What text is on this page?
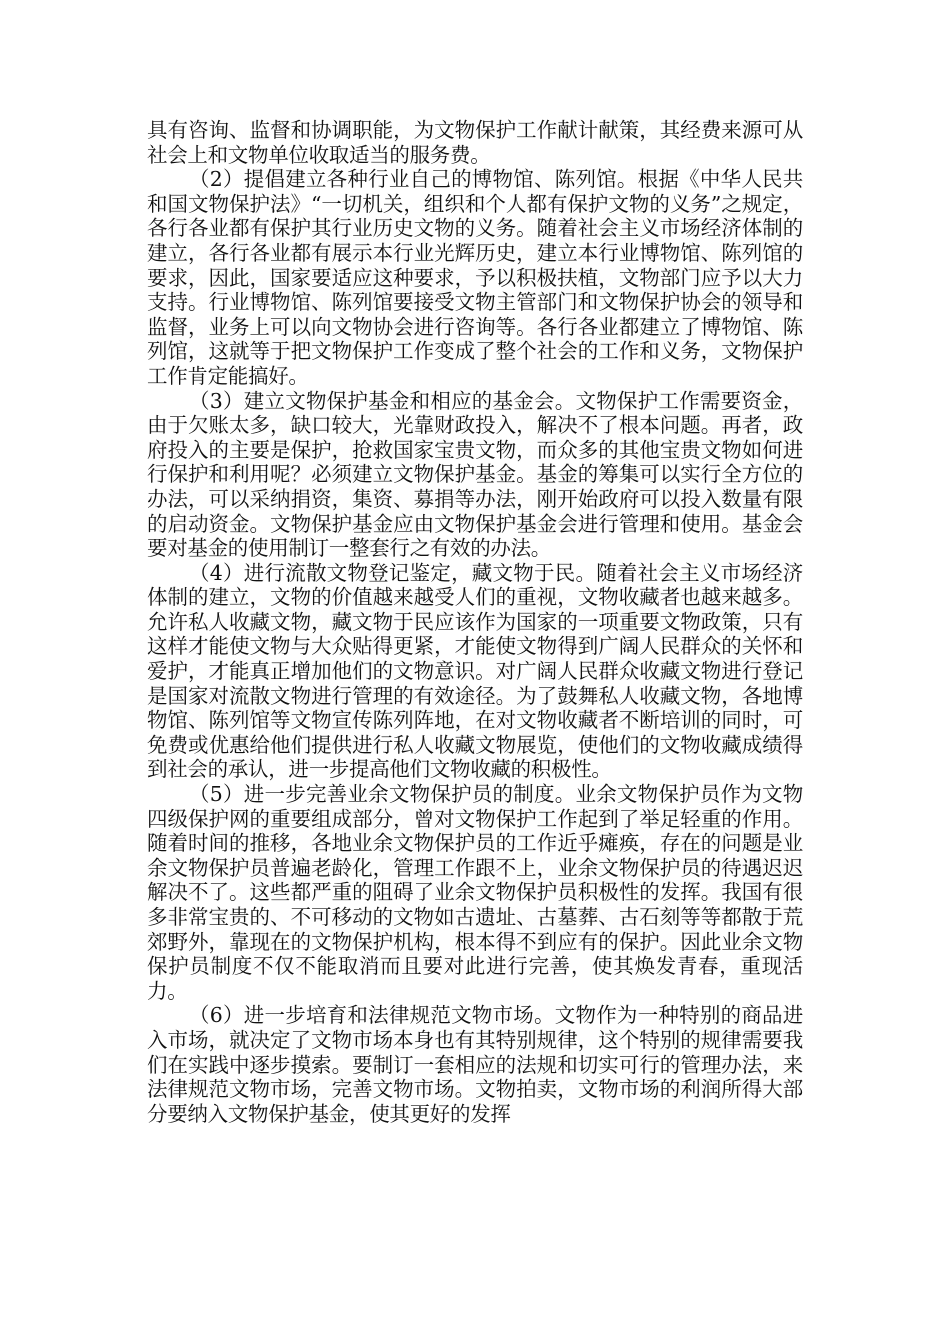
具有咨询、监督和协调职能，为文物保护工作献计献策，其经费来源可从社会上和文物单位收取适当的服务费。

（2）提倡建立各种行业自己的博物馆、陈列馆。根据《中华人民共和国文物保护法》“一切机关，组织和个人都有保护文物的义务”之规定，各行各业都有保护其行业历史文物的义务。随着社会主义市场经济体制的建立，各行各业都有展示本行业光辉历史，建立本行业博物馆、陈列馆的要求，因此，国家要适应这种要求，予以积极扶植，文物部门应予以大力支持。行业博物馆、陈列馆要接受文物主管部门和文物保护协会的领导和监督，业务上可以向文物协会进行咨询等。各行各业都建立了博物馆、陈列馆，这就等于把文物保护工作变成了整个社会的工作和义务，文物保护工作肯定能搞好。

（3）建立文物保护基金和相应的基金会。文物保护工作需要资金，由于欠账太多，缺口较大，光靠财政投入，解决不了根本问题。再者，政府投入的主要是保护，抢救国家宝贵文物，而众多的其他宝贵文物如何进行保护和利用呢？必须建立文物保护基金。基金的筹集可以实行全方位的办法，可以采纳捐资，集资、募捐等办法，刚开始政府可以投入数量有限的启动资金。文物保护基金应由文物保护基金会进行管理和使用。基金会要对基金的使用制订一整套行之有效的办法。

（4）进行流散文物登记鉴定，藏文物于民。随着社会主义市场经济体制的建立，文物的价值越来越受人们的重视，文物收藏者也越来越多。允许私人收藏文物，藏文物于民应该作为国家的一项重要文物政策，只有这样才能使文物与大众贴得更紧，才能使文物得到广阔人民群众的关怀和爱护，才能真正增加他们的文物意识。对广阔人民群众收藏文物进行登记是国家对流散文物进行管理的有效途径。为了鼓舞私人收藏文物，各地博物馆、陈列馆等文物宣传陈列阵地，在对文物收藏者不断培训的同时，可免费或优惠给他们提供进行私人收藏文物展览，使他们的文物收藏成绩得到社会的承认，进一步提高他们文物收藏的积极性。

（5）进一步完善业余文物保护员的制度。业余文物保护员作为文物四级保护网的重要组成部分，曾对文物保护工作起到了举足轻重的作用。随着时间的推移，各地业余文物保护员的工作近乎瘫痪，存在的问题是业余文物保护员普遍老龄化，管理工作跟不上，业余文物保护员的待遇迟迟解决不了。这些都严重的阻碍了业余文物保护员积极性的发挥。我国有很多非常宝贵的、不可移动的文物如古遗址、古墓葬、古石刻等等都散于荒郊野外，靠现在的文物保护机构，根本得不到应有的保护。因此业余文物保护员制度不仅不能取消而且要对此进行完善，使其焕发青春，重现活力。

（6）进一步培育和法律规范文物市场。文物作为一种特别的商品进入市场，就决定了文物市场本身也有其特别规律，这个特别的规律需要我们在实践中逐步摸索。要制订一套相应的法规和切实可行的管理办法，来法律规范文物市场，完善文物市场。文物拍卖，文物市场的利润所得大部分要纳入文物保护基金，使其更好的发挥
